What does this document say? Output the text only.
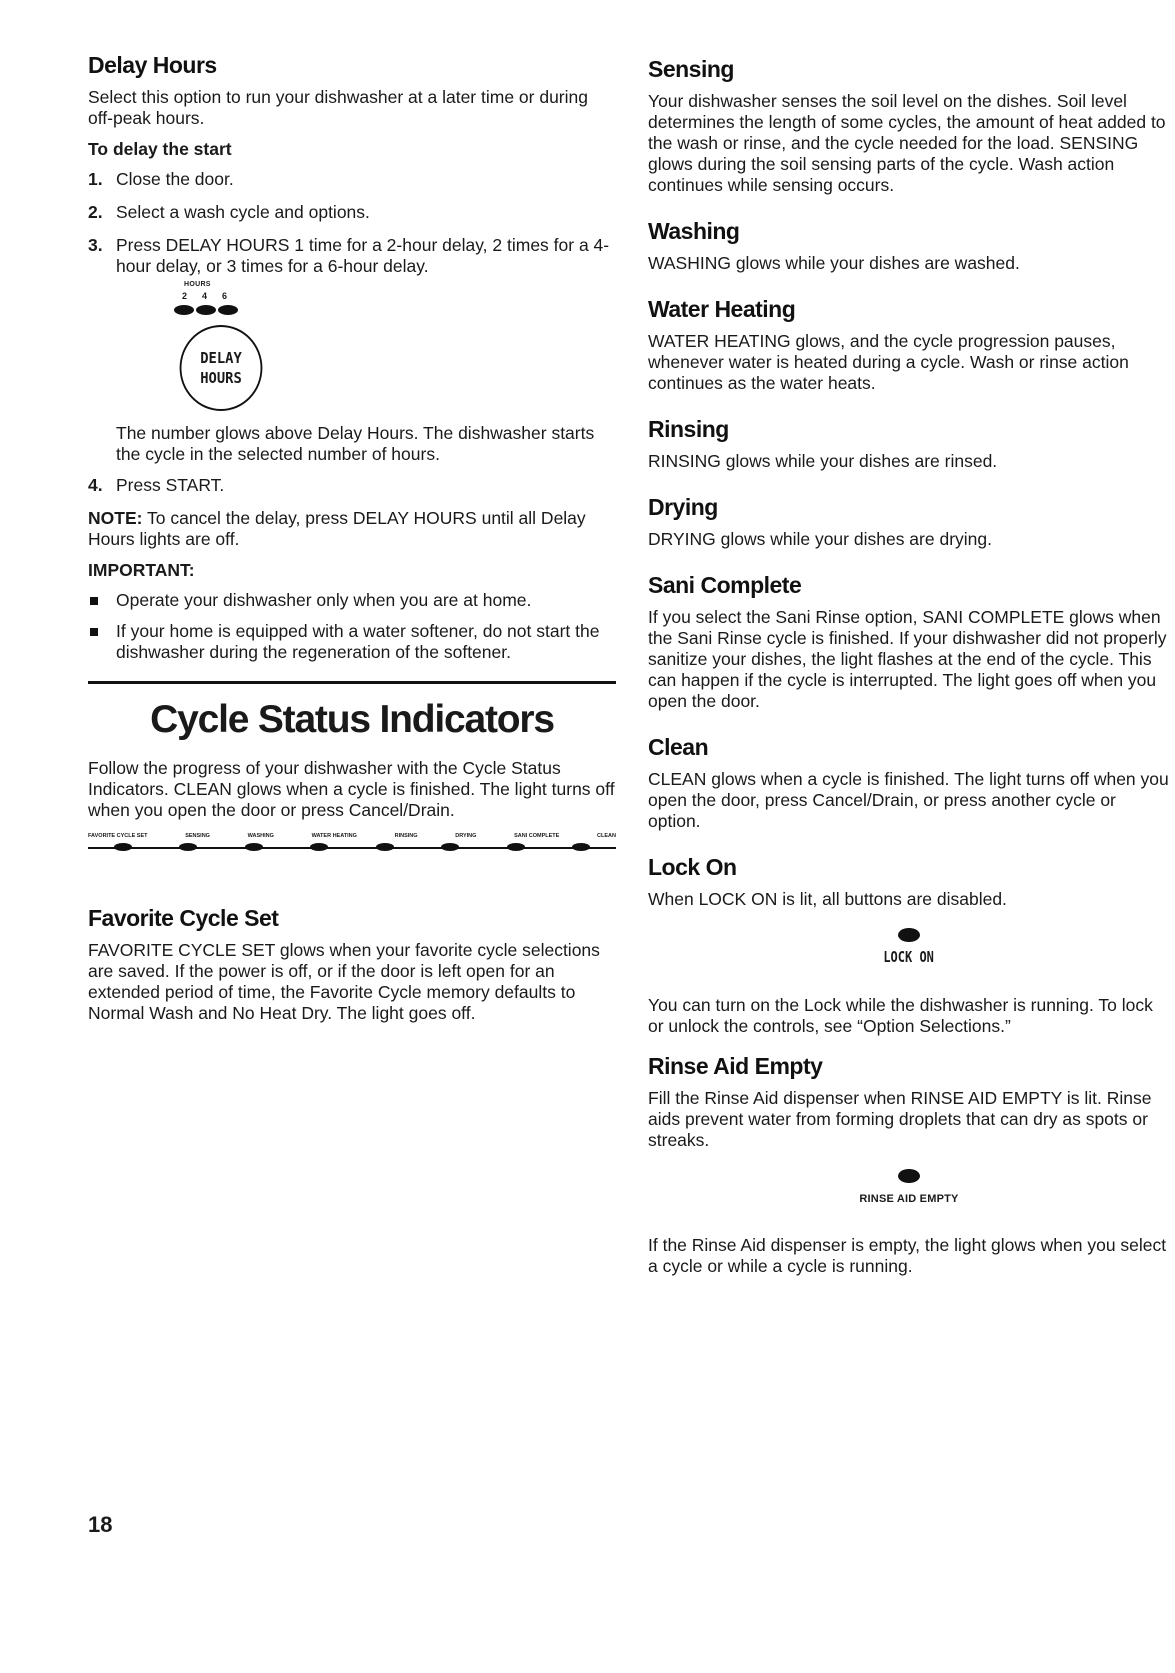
Delay Hours

Select this option to run your dishwasher at a later time or during off-peak hours.

To delay the start
1. Close the door.
2. Select a wash cycle and options.
3. Press DELAY HOURS 1 time for a 2-hour delay, 2 times for a 4-hour delay, or 3 times for a 6-hour delay.
HOURS
2 4 6
DELAY
HOURS

The number glows above Delay Hours. The dishwasher starts the cycle in the selected number of hours.

4. Press START.

NOTE: To cancel the delay, press DELAY HOURS until all Delay Hours lights are off.

IMPORTANT:
Operate your dishwasher only when you are at home.
If your home is equipped with a water softener, do not start the dishwasher during the regeneration of the softener.
Cycle Status Indicators

Follow the progress of your dishwasher with the Cycle Status Indicators. CLEAN glows when a cycle is finished. The light turns off when you open the door or press Cancel/Drain.

FAVORITE CYCLE SET	SENSING	WASHING	WATER HEATING	RINSING	DRYING	SANI COMPLETE	CLEAN
Favorite Cycle Set

FAVORITE CYCLE SET glows when your favorite cycle selections are saved. If the power is off, or if the door is left open for an extended period of time, the Favorite Cycle memory defaults to Normal Wash and No Heat Dry. The light goes off.

Sensing

Your dishwasher senses the soil level on the dishes. Soil level determines the length of some cycles, the amount of heat added to the wash or rinse, and the cycle needed for the load. SENSING glows during the soil sensing parts of the cycle. Wash action continues while sensing occurs.

Washing

WASHING glows while your dishes are washed.

Water Heating

WATER HEATING glows, and the cycle progression pauses, whenever water is heated during a cycle. Wash or rinse action continues as the water heats.

Rinsing

RINSING glows while your dishes are rinsed.

Drying

DRYING glows while your dishes are drying.

Sani Complete

If you select the Sani Rinse option, SANI COMPLETE glows when the Sani Rinse cycle is finished. If your dishwasher did not properly sanitize your dishes, the light flashes at the end of the cycle. This can happen if the cycle is interrupted. The light goes off when you open the door.

Clean

CLEAN glows when a cycle is finished. The light turns off when you open the door, press Cancel/Drain, or press another cycle or option.

Lock On

When LOCK ON is lit, all buttons are disabled.

LOCK ON

You can turn on the Lock while the dishwasher is running. To lock or unlock the controls, see “Option Selections.”

Rinse Aid Empty

Fill the Rinse Aid dispenser when RINSE AID EMPTY is lit. Rinse aids prevent water from forming droplets that can dry as spots or streaks.

RINSE AID EMPTY

If the Rinse Aid dispenser is empty, the light glows when you select a cycle or while a cycle is running.

18
